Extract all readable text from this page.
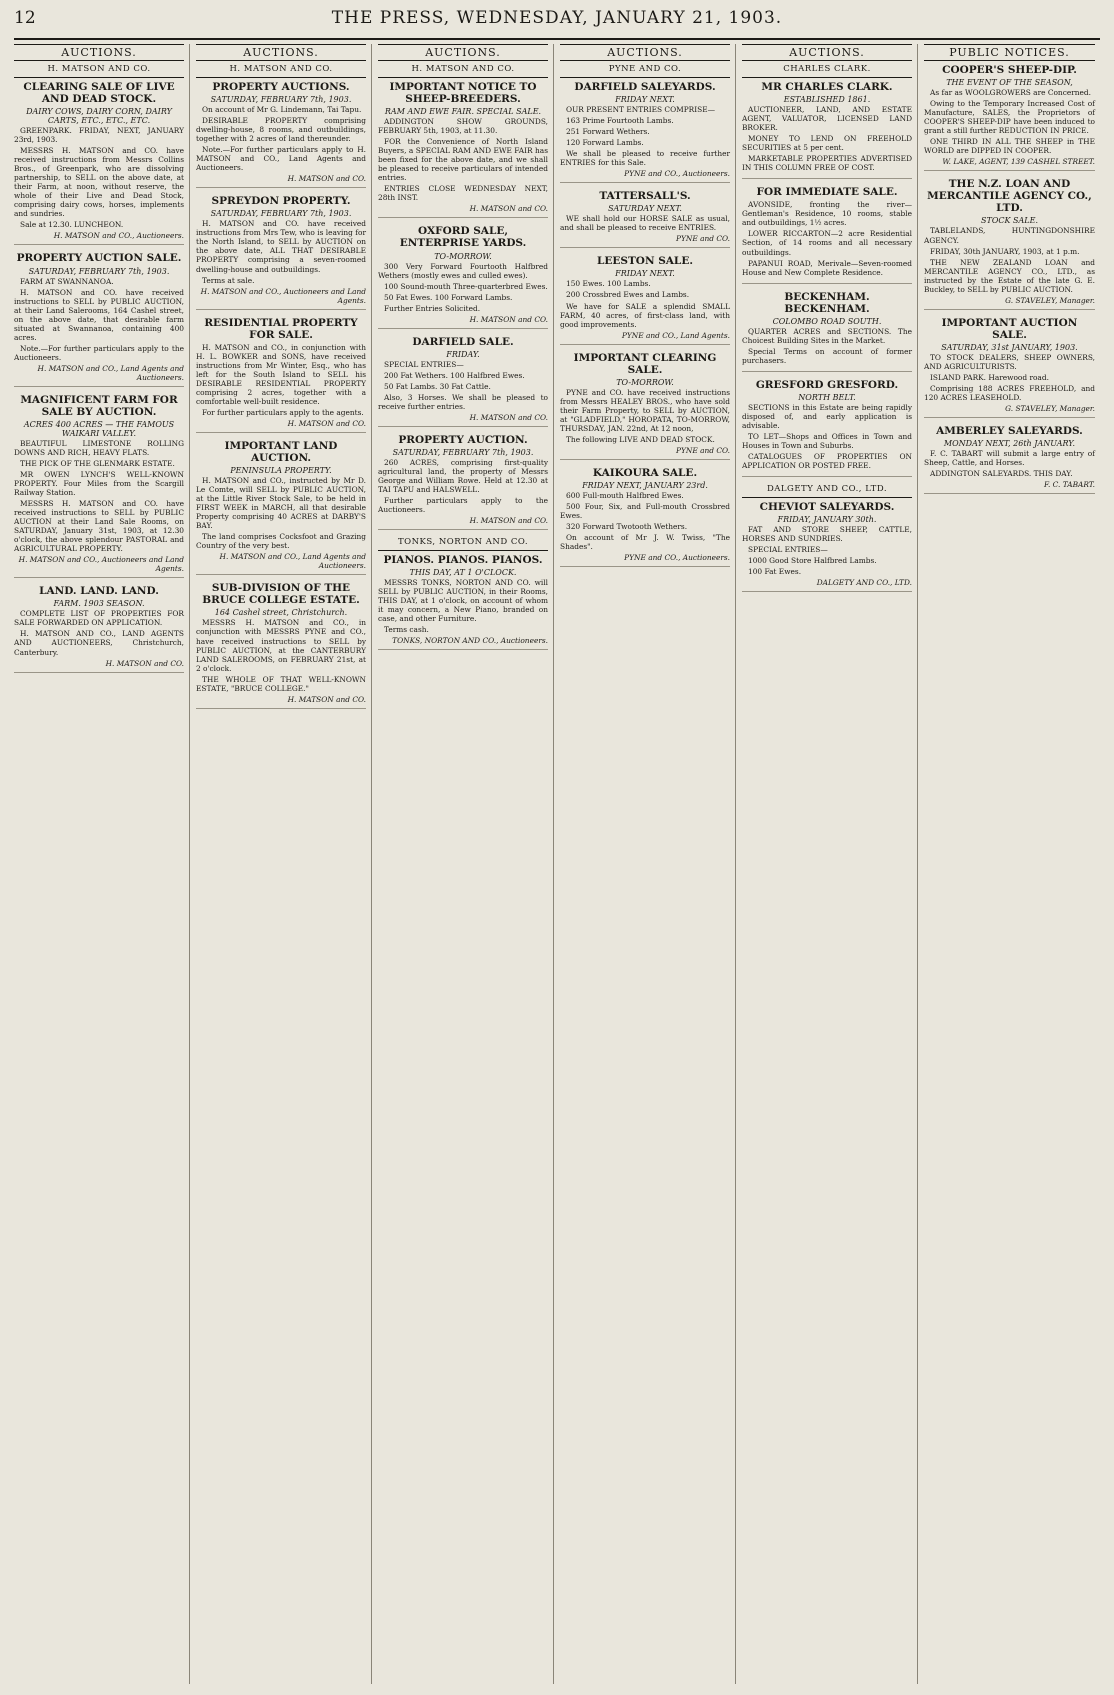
12	THE PRESS, WEDNESDAY, JANUARY 21, 1903.
AUCTIONS.
H. MATSON AND CO.
CLEARING SALE OF LIVE AND DEAD STOCK.
DAIRY COWS, DAIRY CORN, DAIRY CARTS, ETC., ETC., ETC.

GREENPARK. FRIDAY, NEXT, JANUARY 23rd, 1903.

MESSRS H. MATSON and CO. have received instructions from Messrs Collins Bros., of Greenpark, who are dissolving partnership, to SELL on the above date, at their Farm, at noon, without reserve, the whole of their Live and Dead Stock, comprising dairy cows, horses, implements and sundries.

Sale at 12.30. LUNCHEON.

H. MATSON and CO., Auctioneers.
PROPERTY AUCTION SALE.
SATURDAY, FEBRUARY 7th, 1903.

FARM AT SWANNANOA.

H. MATSON and CO. have received instructions to SELL by PUBLIC AUCTION, at their Land Salerooms, 164 Cashel street, on the above date, that desirable farm situated at Swannanoa, containing 400 acres.

Note.—For further particulars apply to the Auctioneers.

H. MATSON and CO., Land Agents and Auctioneers.
MAGNIFICENT FARM FOR SALE BY AUCTION.
ACRES 400 ACRES — THE FAMOUS WAIKARI VALLEY.

BEAUTIFUL LIMESTONE ROLLING DOWNS AND RICH, HEAVY FLATS.

THE PICK OF THE GLENMARK ESTATE.

MR OWEN LYNCH'S WELL-KNOWN PROPERTY. Four Miles from the Scargill Railway Station.

MESSRS H. MATSON and CO. have received instructions to SELL by PUBLIC AUCTION at their Land Sale Rooms, on SATURDAY, January 31st, 1903, at 12.30 o'clock, the above splendour PASTORAL and AGRICULTURAL PROPERTY.

H. MATSON and CO., Auctioneers and Land Agents.
LAND. LAND. LAND.
FARM. 1903 SEASON.

COMPLETE LIST OF PROPERTIES FOR SALE FORWARDED ON APPLICATION.

H. MATSON AND CO., LAND AGENTS AND AUCTIONEERS, Christchurch, Canterbury.

H. MATSON and CO.
AUCTIONS.
H. MATSON AND CO.
PROPERTY AUCTIONS.
SATURDAY, FEBRUARY 7th, 1903.

On account of Mr G. Lindemann, Tai Tapu.

DESIRABLE PROPERTY comprising dwelling-house, 8 rooms, and outbuildings, together with 2 acres of land thereunder.

Note.—For further particulars apply to H. MATSON and CO., Land Agents and Auctioneers.

H. MATSON and CO.
SPREYDON PROPERTY.
SATURDAY, FEBRUARY 7th, 1903.

H. MATSON and CO. have received instructions from Mrs Tew, who is leaving for the North Island, to SELL by AUCTION on the above date, ALL THAT DESIRABLE PROPERTY comprising a seven-roomed dwelling-house and outbuildings.

Terms at sale.

H. MATSON and CO., Auctioneers and Land Agents.
RESIDENTIAL PROPERTY FOR SALE.

H. MATSON and CO., in conjunction with H. L. BOWKER and SONS, have received instructions from Mr Winter, Esq., who has left for the South Island to SELL his DESIRABLE RESIDENTIAL PROPERTY comprising 2 acres, together with a comfortable well-built residence.

For further particulars apply to the agents.

H. MATSON and CO.
IMPORTANT LAND AUCTION.
PENINSULA PROPERTY.

H. MATSON and CO., instructed by Mr D. Le Comte, will SELL by PUBLIC AUCTION, at the Little River Stock Sale, to be held in FIRST WEEK in MARCH, all that desirable Property comprising 40 ACRES at DARBY'S BAY.

The land comprises Cocksfoot and Grazing Country of the very best.

H. MATSON and CO., Land Agents and Auctioneers.
SUB-DIVISION OF THE BRUCE COLLEGE ESTATE.
164 Cashel street, Christchurch.

MESSRS H. MATSON and CO., in conjunction with MESSRS PYNE and CO., have received instructions to SELL by PUBLIC AUCTION, at the CANTERBURY LAND SALEROOMS, on FEBRUARY 21st, at 2 o'clock.

THE WHOLE OF THAT WELL-KNOWN ESTATE, "BRUCE COLLEGE."

H. MATSON and CO.
AUCTIONS.
H. MATSON AND CO.
IMPORTANT NOTICE TO SHEEP-BREEDERS.
RAM AND EWE FAIR. SPECIAL SALE.

ADDINGTON SHOW GROUNDS, FEBRUARY 5th, 1903, at 11.30.

FOR the Convenience of North Island Buyers, a SPECIAL RAM AND EWE FAIR has been fixed for the above date, and we shall be pleased to receive particulars of intended entries.

ENTRIES CLOSE WEDNESDAY NEXT, 28th INST.

H. MATSON and CO.
OXFORD SALE, ENTERPRISE YARDS.
TO-MORROW.

300 Very Forward Fourtooth Halfbred Wethers (mostly ewes and culled ewes).

100 Sound-mouth Three-quarterbred Ewes.

50 Fat Ewes. 100 Forward Lambs.

Further Entries Solicited.

H. MATSON and CO.
DARFIELD SALE.
FRIDAY.

SPECIAL ENTRIES—

200 Fat Wethers. 100 Halfbred Ewes.

50 Fat Lambs. 30 Fat Cattle.

Also, 3 Horses. We shall be pleased to receive further entries.

H. MATSON and CO.
PROPERTY AUCTION.
SATURDAY, FEBRUARY 7th, 1903.

260 ACRES, comprising first-quality agricultural land, the property of Messrs George and William Rowe. Held at 12.30 at TAI TAPU and HALSWELL.

Further particulars apply to the Auctioneers.

H. MATSON and CO.
TONKS, NORTON AND CO.
PIANOS. PIANOS. PIANOS.
THIS DAY, AT 1 O'CLOCK.

MESSRS TONKS, NORTON AND CO. will SELL by PUBLIC AUCTION, in their Rooms, THIS DAY, at 1 o'clock, on account of whom it may concern, a New Piano, branded on case, and other Furniture.

Terms cash.

TONKS, NORTON AND CO., Auctioneers.
AUCTIONS.
PYNE AND CO.
DARFIELD SALEYARDS.
FRIDAY NEXT.

OUR PRESENT ENTRIES COMPRISE—

163 Prime Fourtooth Lambs.

251 Forward Wethers.

120 Forward Lambs.

We shall be pleased to receive further ENTRIES for this Sale.

PYNE and CO., Auctioneers.
TATTERSALL'S.
SATURDAY NEXT.

WE shall hold our HORSE SALE as usual, and shall be pleased to receive ENTRIES.

PYNE and CO.
LEESTON SALE.
FRIDAY NEXT.

150 Ewes. 100 Lambs.

200 Crossbred Ewes and Lambs.

We have for SALE a splendid SMALL FARM, 40 acres, of first-class land, with good improvements.

PYNE and CO., Land Agents.
IMPORTANT CLEARING SALE.
TO-MORROW.

PYNE and CO. have received instructions from Messrs HEALEY BROS., who have sold their Farm Property, to SELL by AUCTION, at "GLADFIELD," HOROPATA, TO-MORROW, THURSDAY, JAN. 22nd, At 12 noon,

The following LIVE AND DEAD STOCK.

PYNE and CO.
KAIKOURA SALE.
FRIDAY NEXT, JANUARY 23rd.

600 Full-mouth Halfbred Ewes.

500 Four, Six, and Full-mouth Crossbred Ewes.

320 Forward Twotooth Wethers.

On account of Mr J. W. Twiss, "The Shades".

PYNE and CO., Auctioneers.
AUCTIONS.
CHARLES CLARK.
MR CHARLES CLARK.
ESTABLISHED 1861.

AUCTIONEER, LAND, AND ESTATE AGENT, VALUATOR, LICENSED LAND BROKER.

MONEY TO LEND ON FREEHOLD SECURITIES at 5 per cent.

MARKETABLE PROPERTIES ADVERTISED IN THIS COLUMN FREE OF COST.

FOR IMMEDIATE SALE.

AVONSIDE, fronting the river—Gentleman's Residence, 10 rooms, stable and outbuildings, 1½ acres.

LOWER RICCARTON—2 acre Residential Section, of 14 rooms and all necessary outbuildings.

PAPANUI ROAD, Merivale—Seven-roomed House and New Complete Residence.

BECKENHAM. BECKENHAM.
COLOMBO ROAD SOUTH.

QUARTER ACRES and SECTIONS. The Choicest Building Sites in the Market.

Special Terms on account of former purchasers.

GRESFORD GRESFORD.
NORTH BELT.

SECTIONS in this Estate are being rapidly disposed of, and early application is advisable.

TO LET—Shops and Offices in Town and Houses in Town and Suburbs.

CATALOGUES OF PROPERTIES ON APPLICATION OR POSTED FREE.

DALGETY AND CO., LTD.
CHEVIOT SALEYARDS.
FRIDAY, JANUARY 30th.

FAT AND STORE SHEEP, CATTLE, HORSES AND SUNDRIES.

SPECIAL ENTRIES—

1000 Good Store Halfbred Lambs.

100 Fat Ewes.

DALGETY AND CO., LTD.
PUBLIC NOTICES.
COOPER'S SHEEP-DIP.
THE EVENT OF THE SEASON,

As far as WOOLGROWERS are Concerned.

Owing to the Temporary Increased Cost of Manufacture, SALES, the Proprietors of COOPER'S SHEEP-DIP have been induced to grant a still further REDUCTION IN PRICE.

ONE THIRD IN ALL THE SHEEP in THE WORLD are DIPPED IN COOPER.

W. LAKE, AGENT, 139 CASHEL STREET.
THE N.Z. LOAN AND MERCANTILE AGENCY CO., LTD.
STOCK SALE.

TABLELANDS, HUNTINGDONSHIRE AGENCY.

FRIDAY, 30th JANUARY, 1903, at 1 p.m.

THE NEW ZEALAND LOAN and MERCANTILE AGENCY CO., LTD., as instructed by the Estate of the late G. E. Buckley, to SELL by PUBLIC AUCTION.

G. STAVELEY, Manager.
IMPORTANT AUCTION SALE.
SATURDAY, 31st JANUARY, 1903.

TO STOCK DEALERS, SHEEP OWNERS, AND AGRICULTURISTS.

ISLAND PARK. Harewood road.

Comprising 188 ACRES FREEHOLD, and 120 ACRES LEASEHOLD.

G. STAVELEY, Manager.
AMBERLEY SALEYARDS.
MONDAY NEXT, 26th JANUARY.

F. C. TABART will submit a large entry of Sheep, Cattle, and Horses.

ADDINGTON SALEYARDS. THIS DAY.

F. C. TABART.
